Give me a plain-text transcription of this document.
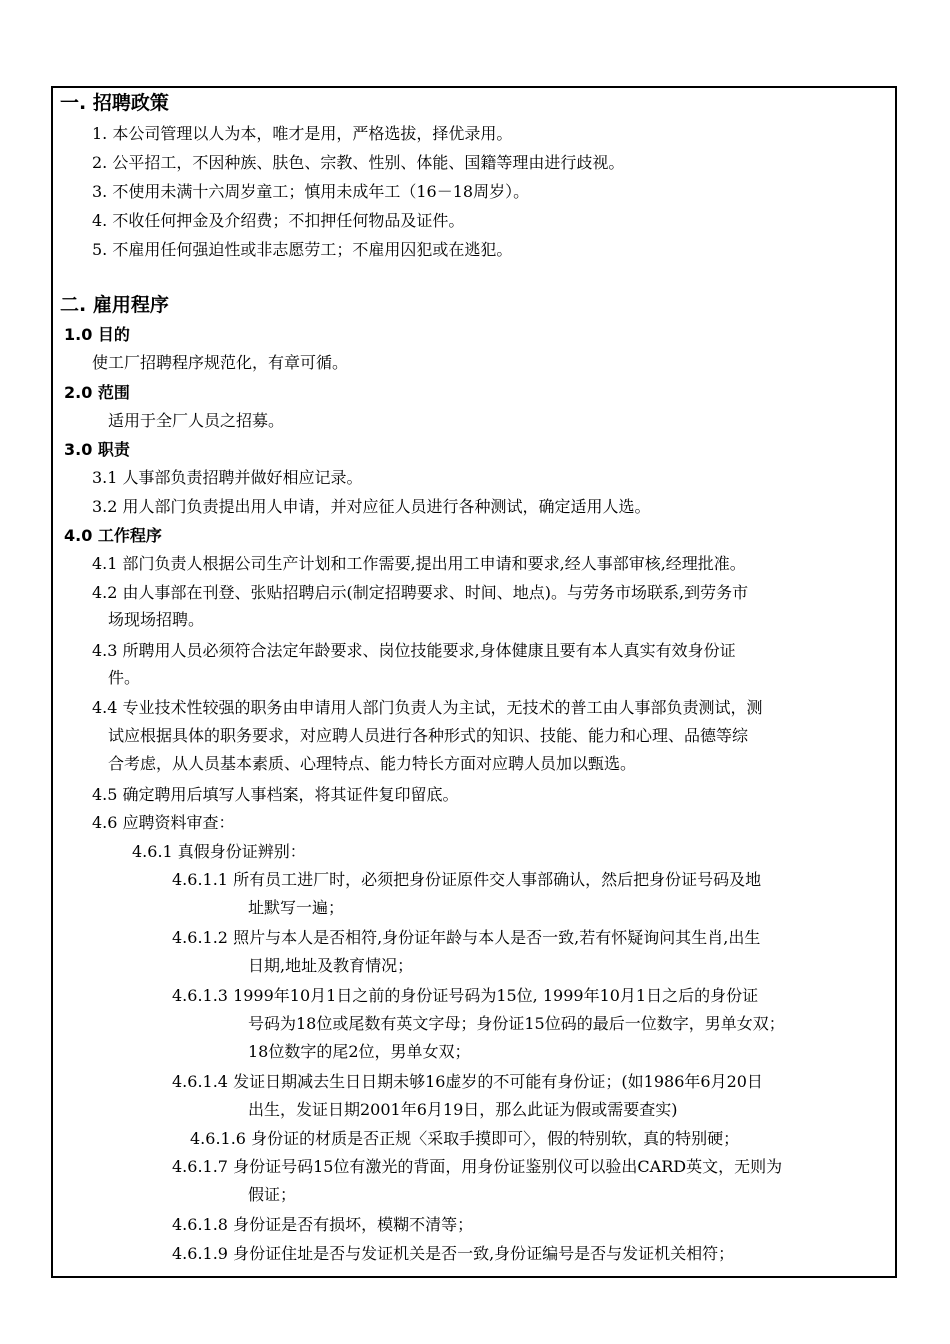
一. 招聘政策
1. 本公司管理以人为本，唯才是用，严格选拔，择优录用。
2. 公平招工，不因种族、肤色、宗教、性别、体能、国籍等理由进行歧视。
3. 不使用未满十六周岁童工；慎用未成年工（16－18周岁）。
4. 不收任何押金及介绍费；不扣押任何物品及证件。
5. 不雇用任何强迫性或非志愿劳工；不雇用囚犯或在逃犯。
二. 雇用程序
1.0 目的
使工厂招聘程序规范化，有章可循。
2.0 范围
适用于全厂人员之招募。
3.0 职责
3.1 人事部负责招聘并做好相应记录。
3.2 用人部门负责提出用人申请，并对应征人员进行各种测试，确定适用人选。
4.0 工作程序
4.1 部门负责人根据公司生产计划和工作需要,提出用工申请和要求,经人事部审核,经理批准。
4.2 由人事部在刊登、张贴招聘启示(制定招聘要求、时间、地点)。与劳务市场联系,到劳务市
场现场招聘。
4.3 所聘用人员必须符合法定年龄要求、岗位技能要求,身体健康且要有本人真实有效身份证
件。
4.4 专业技术性较强的职务由申请用人部门负责人为主试，无技术的普工由人事部负责测试，测
试应根据具体的职务要求，对应聘人员进行各种形式的知识、技能、能力和心理、品德等综
合考虑，从人员基本素质、心理特点、能力特长方面对应聘人员加以甄选。
4.5 确定聘用后填写人事档案，将其证件复印留底。
4.6 应聘资料审查：
4.6.1 真假身份证辨别：
4.6.1.1 所有员工进厂时，必须把身份证原件交人事部确认，然后把身份证号码及地
址默写一遍；
4.6.1.2 照片与本人是否相符,身份证年龄与本人是否一致,若有怀疑询问其生肖,出生
日期,地址及教育情况；
4.6.1.3 1999年10月1日之前的身份证号码为15位, 1999年10月1日之后的身份证
号码为18位或尾数有英文字母；身份证15位码的最后一位数字，男单女双；
18位数字的尾2位，男单女双；
4.6.1.4 发证日期减去生日日期未够16虚岁的不可能有身份证；(如1986年6月20日
出生，发证日期2001年6月19日，那么此证为假或需要查实)
4.6.1.6 身份证的材质是否正规〈采取手摸即可〉，假的特别软，真的特别硬；
4.6.1.7 身份证号码15位有激光的背面，用身份证鉴别仪可以验出CARD英文，无则为
假证；
4.6.1.8 身份证是否有损坏，模糊不清等；
4.6.1.9 身份证住址是否与发证机关是否一致,身份证编号是否与发证机关相符；
